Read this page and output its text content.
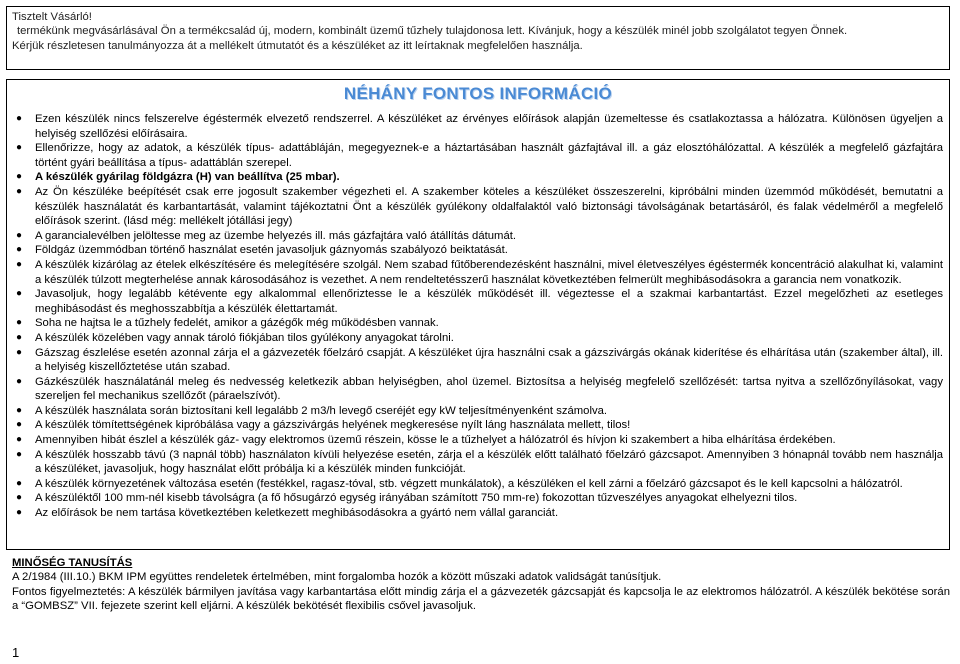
Tisztelt Vásárló!
termékünk megvásárlásával Ön a termékcsalád új, modern, kombinált üzemű tűzhely tulajdonosa lett. Kívánjuk, hogy a készülék minél jobb szolgálatot tegyen Önnek.
Kérjük részletesen tanulmányozza át a mellékelt útmutatót és a készüléket az itt leírtaknak megfelelően használja.
NÉHÁNY FONTOS INFORMÁCIÓ
● Ezen készülék nincs felszerelve égéstermék elvezető rendszerrel. A készüléket az érvényes előírások alapján üzemeltesse és csatlakoztassa a hálózatra. Különösen ügyeljen a helyiség szellőzési előírásaira.
● Ellenőrizze, hogy az adatok, a készülék típus- adattábláján, megegyeznek-e a háztartásában használt gázfajtával ill. a gáz elosztóhálózattal. A készülék a megfelelő gázfajtára történt gyári beállítása a típus- adattáblán szerepel.
● A készülék gyárilag földgázra (H) van beállítva (25 mbar).
● Az Ön készüléke beépítését csak erre jogosult szakember végezheti el. A szakember köteles a készüléket összeszerelni, kipróbálni minden üzemmód működését, bemutatni a készülék használatát és karbantartását, valamint tájékoztatni Önt a készülék gyúlékony oldalfalaktól való biztonsági távolságának betartásáról, és falak védelméről a megfelelő előírások szerint. (lásd még: mellékelt jótállási jegy)
● A garancialevélben jelöltesse meg az üzembe helyezés ill. más gázfajtára való átállítás dátumát.
● Földgáz üzemmódban történő használat esetén javasoljuk gáznyomás szabályozó beiktatását.
● A készülék kizárólag az ételek elkészítésére és melegítésére szolgál. Nem szabad fűtőberendezésként használni, mivel életveszélyes égéstermék koncentráció alakulhat ki, valamint a készülék túlzott megterhelése annak károsodásához is vezethet. A nem rendeltetésszerű használat következtében felmerült meghibásodásokra a garancia nem vonatkozik.
● Javasoljuk, hogy legalább kétévente egy alkalommal ellenőriztesse le a készülék működését ill. végeztesse el a szakmai karbantartást. Ezzel megelőzheti az esetleges meghibásodást és meghosszabbítja a készülék élettartamát.
● Soha ne hajtsa le a tűzhely fedelét, amikor a gázégők még működésben vannak.
● A készülék közelében vagy annak tároló fiókjában tilos gyúlékony anyagokat tárolni.
● Gázszag észlelése esetén azonnal zárja el a gázvezeték főelzáró csapját. A készüléket újra használni csak a gázszivárgás okának kiderítése és elhárítása után (szakember által), ill. a helyiség kiszellőztetése után szabad.
● Gázkészülék használatánál meleg és nedvesség keletkezik abban helyiségben, ahol üzemel. Biztosítsa a helyiség megfelelő szellőzését: tartsa nyitva a szellőzőnyílásokat, vagy szereljen fel mechanikus szellőzőt (páraelszívót).
● A készülék használata során biztosítani kell legalább 2 m3/h levegő cseréjét egy kW teljesítményenként számolva.
● A készülék tömítettségének kipróbálása vagy a gázszivárgás helyének megkeresése nyílt láng használata mellett, tilos!
● Amennyiben hibát észlel a készülék gáz- vagy elektromos üzemű részein, kösse le a tűzhelyet a hálózatról és hívjon ki szakembert a hiba elhárítása érdekében.
● A készülék hosszabb távú (3 napnál több) használaton kívüli helyezése esetén, zárja el a készülék előtt található főelzáró gázcsapot. Amennyiben 3 hónapnál tovább nem használja a készüléket, javasoljuk, hogy használat előtt próbálja ki a készülék minden funkcióját.
● A készülék környezetének változása esetén (festékkel, ragasz-tóval, stb. végzett munkálatok), a készüléken el kell zárni a főelzáró gázcsapot és le kell kapcsolni a hálózatról.
● A készüléktől 100 mm-nél kisebb távolságra (a fő hősugárzó egység irányában számított 750 mm-re) fokozottan tűzveszélyes anyagokat elhelyezni tilos.
● Az előírások be nem tartása következtében keletkezett meghibásodásokra a gyártó nem vállal garanciát.
MINŐSÉG TANUSÍTÁS
A 2/1984 (III.10.) BKM IPM együttes rendeletek értelmében, mint forgalomba hozók a között műszaki adatok validságát tanúsítjuk.
Fontos figyelmeztetés: A készülék bármilyen javítása vagy karbantartása előtt mindig zárja el a gázvezeték gázcsapját és kapcsolja le az elektromos hálózatról. A készülék bekötése során a “GOMBSZ” VII. fejezete szerint kell eljárni. A készülék bekötését flexibilis csővel javasoljuk.
1
